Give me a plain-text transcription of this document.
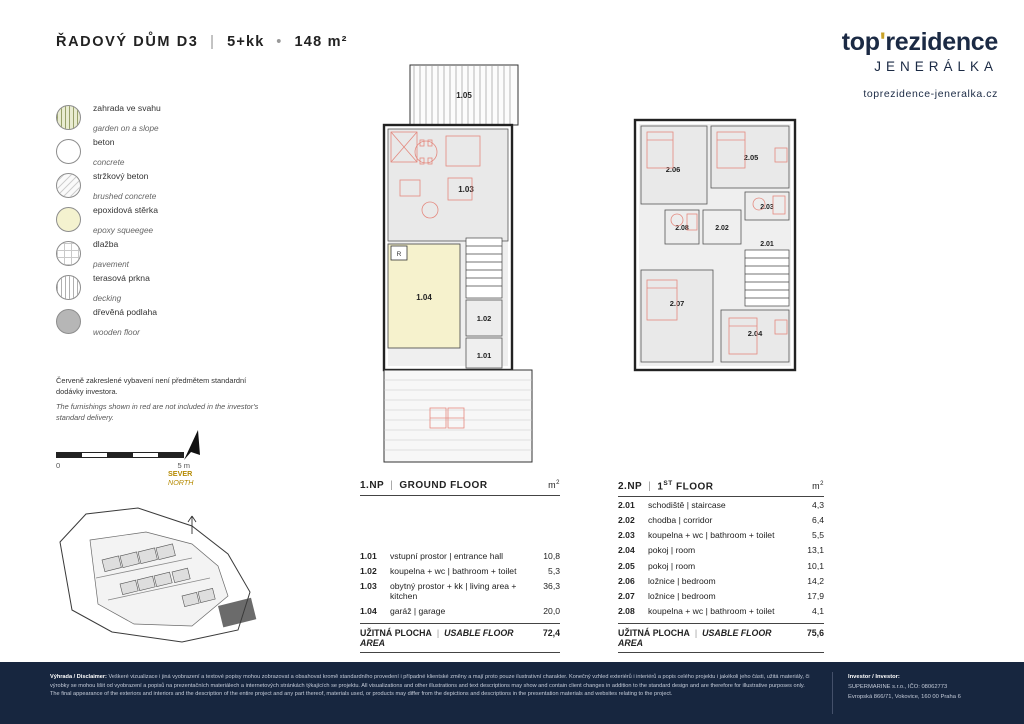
ŘADOVÝ DŮM D3 | 5+kk • 148 m²	top'rezidence
JENERÁLKA
toprezidence-jeneralka.cz
zahrada ve svahu
garden on a slope
beton
concrete
stržkový beton
brushed concrete
epoxidová stěrka
epoxy squeegee
dlažba
pavement
terasová prkna
decking
dřevěná podlaha
wooden floor
Červeně zakreslené vybavení není předmětem standardní dodávky investora.
The furnishings shown in red are not included in the investor's standard delivery.
0	5 m
SEVER
NORTH
1.05
1.04
R
1.02
1.01
1.03
2.06
2.05
2.03
2.08	2.02
2.01
2.07
2.04
1.NP | GROUND FLOOR	$m^2$
1.01	vstupní prostor | entrance hall	10,8
1.02	koupelna + wc | bathroom + toilet	5,3
1.03	obytný prostor + kk | living area + kitchen
36,3
1.04	garáž | garage	20,0
UŽITNÁ PLOCHA | USABLE FLOOR AREA
72,4
2.NP | 1ST FLOOR	$m^2$
2.01	schodiště | staircase	4,3
2.02	chodba | corridor	6,4
2.03	koupelna + wc | bathroom + toilet	5,5
2.04	pokoj | room	13,1
2.05	pokoj | room	10,1
2.06	ložnice | bedroom	14,2
2.07	ložnice | bedroom	17,9
2.08	koupelna + wc | bathroom + toilet	4,1
UŽITNÁ PLOCHA | USABLE FLOOR AREA
75,6
Výhrada / Disclaimer: Veškeré vizualizace i jiná vyobrazení a textové popisy mohou zobrazovat a obsahovat kromě standardního provedení i případné klientské změny a mají proto pouze ilustrativní charakter. Konečný vzhled exteriérů i interiérů a popis celého projektu i jakékoli jeho části, užitá materiály, či výrobky se mohou lišit od vyobrazení a popisů na prezentačních materiálech a internetových stránkách týkajících se projektu. All visualizations and other illustrations and text descriptions may show and contain client changes in addition to the standard design and are therefore for illustrative purposes only. The final appearance of the exteriors and interiors and the description of the entire project and any part thereof, materials used, or products may differ from the depictions and descriptions in the presentation materials and websites relating to the project.
Investor / Investor:
SUPERMARINE s.r.o., IČO: 08062773
Evropská 866/71, Vokovice, 160 00 Praha 6
